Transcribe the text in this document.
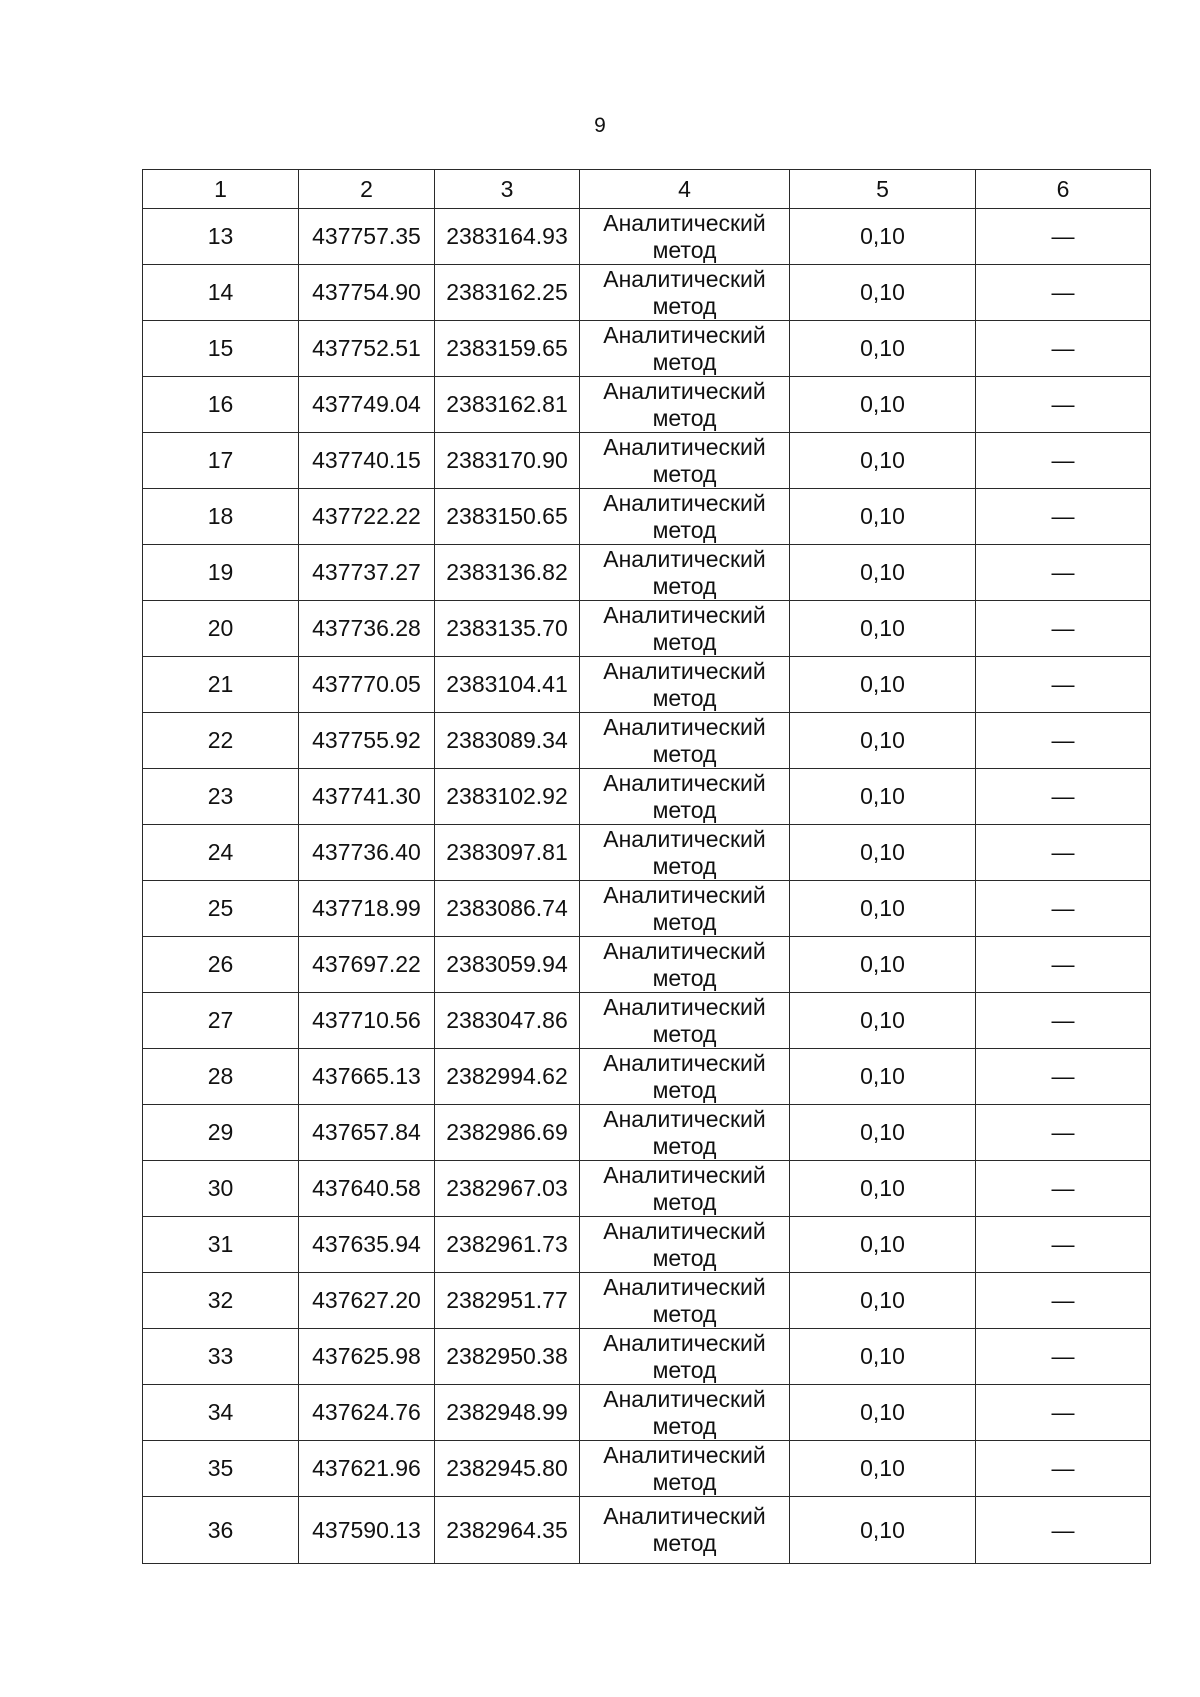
9
1	2	3	4	5	6
13	437757.35	2383164.93	Аналитический метод	0,10	—
14	437754.90	2383162.25	Аналитический метод	0,10	—
15	437752.51	2383159.65	Аналитический метод	0,10	—
16	437749.04	2383162.81	Аналитический метод	0,10	—
17	437740.15	2383170.90	Аналитический метод	0,10	—
18	437722.22	2383150.65	Аналитический метод	0,10	—
19	437737.27	2383136.82	Аналитический метод	0,10	—
20	437736.28	2383135.70	Аналитический метод	0,10	—
21	437770.05	2383104.41	Аналитический метод	0,10	—
22	437755.92	2383089.34	Аналитический метод	0,10	—
23	437741.30	2383102.92	Аналитический метод	0,10	—
24	437736.40	2383097.81	Аналитический метод	0,10	—
25	437718.99	2383086.74	Аналитический метод	0,10	—
26	437697.22	2383059.94	Аналитический метод	0,10	—
27	437710.56	2383047.86	Аналитический метод	0,10	—
28	437665.13	2382994.62	Аналитический метод	0,10	—
29	437657.84	2382986.69	Аналитический метод	0,10	—
30	437640.58	2382967.03	Аналитический метод	0,10	—
31	437635.94	2382961.73	Аналитический метод	0,10	—
32	437627.20	2382951.77	Аналитический метод	0,10	—
33	437625.98	2382950.38	Аналитический метод	0,10	—
34	437624.76	2382948.99	Аналитический метод	0,10	—
35	437621.96	2382945.80	Аналитический метод	0,10	—
36	437590.13	2382964.35	Аналитический метод	0,10	—
